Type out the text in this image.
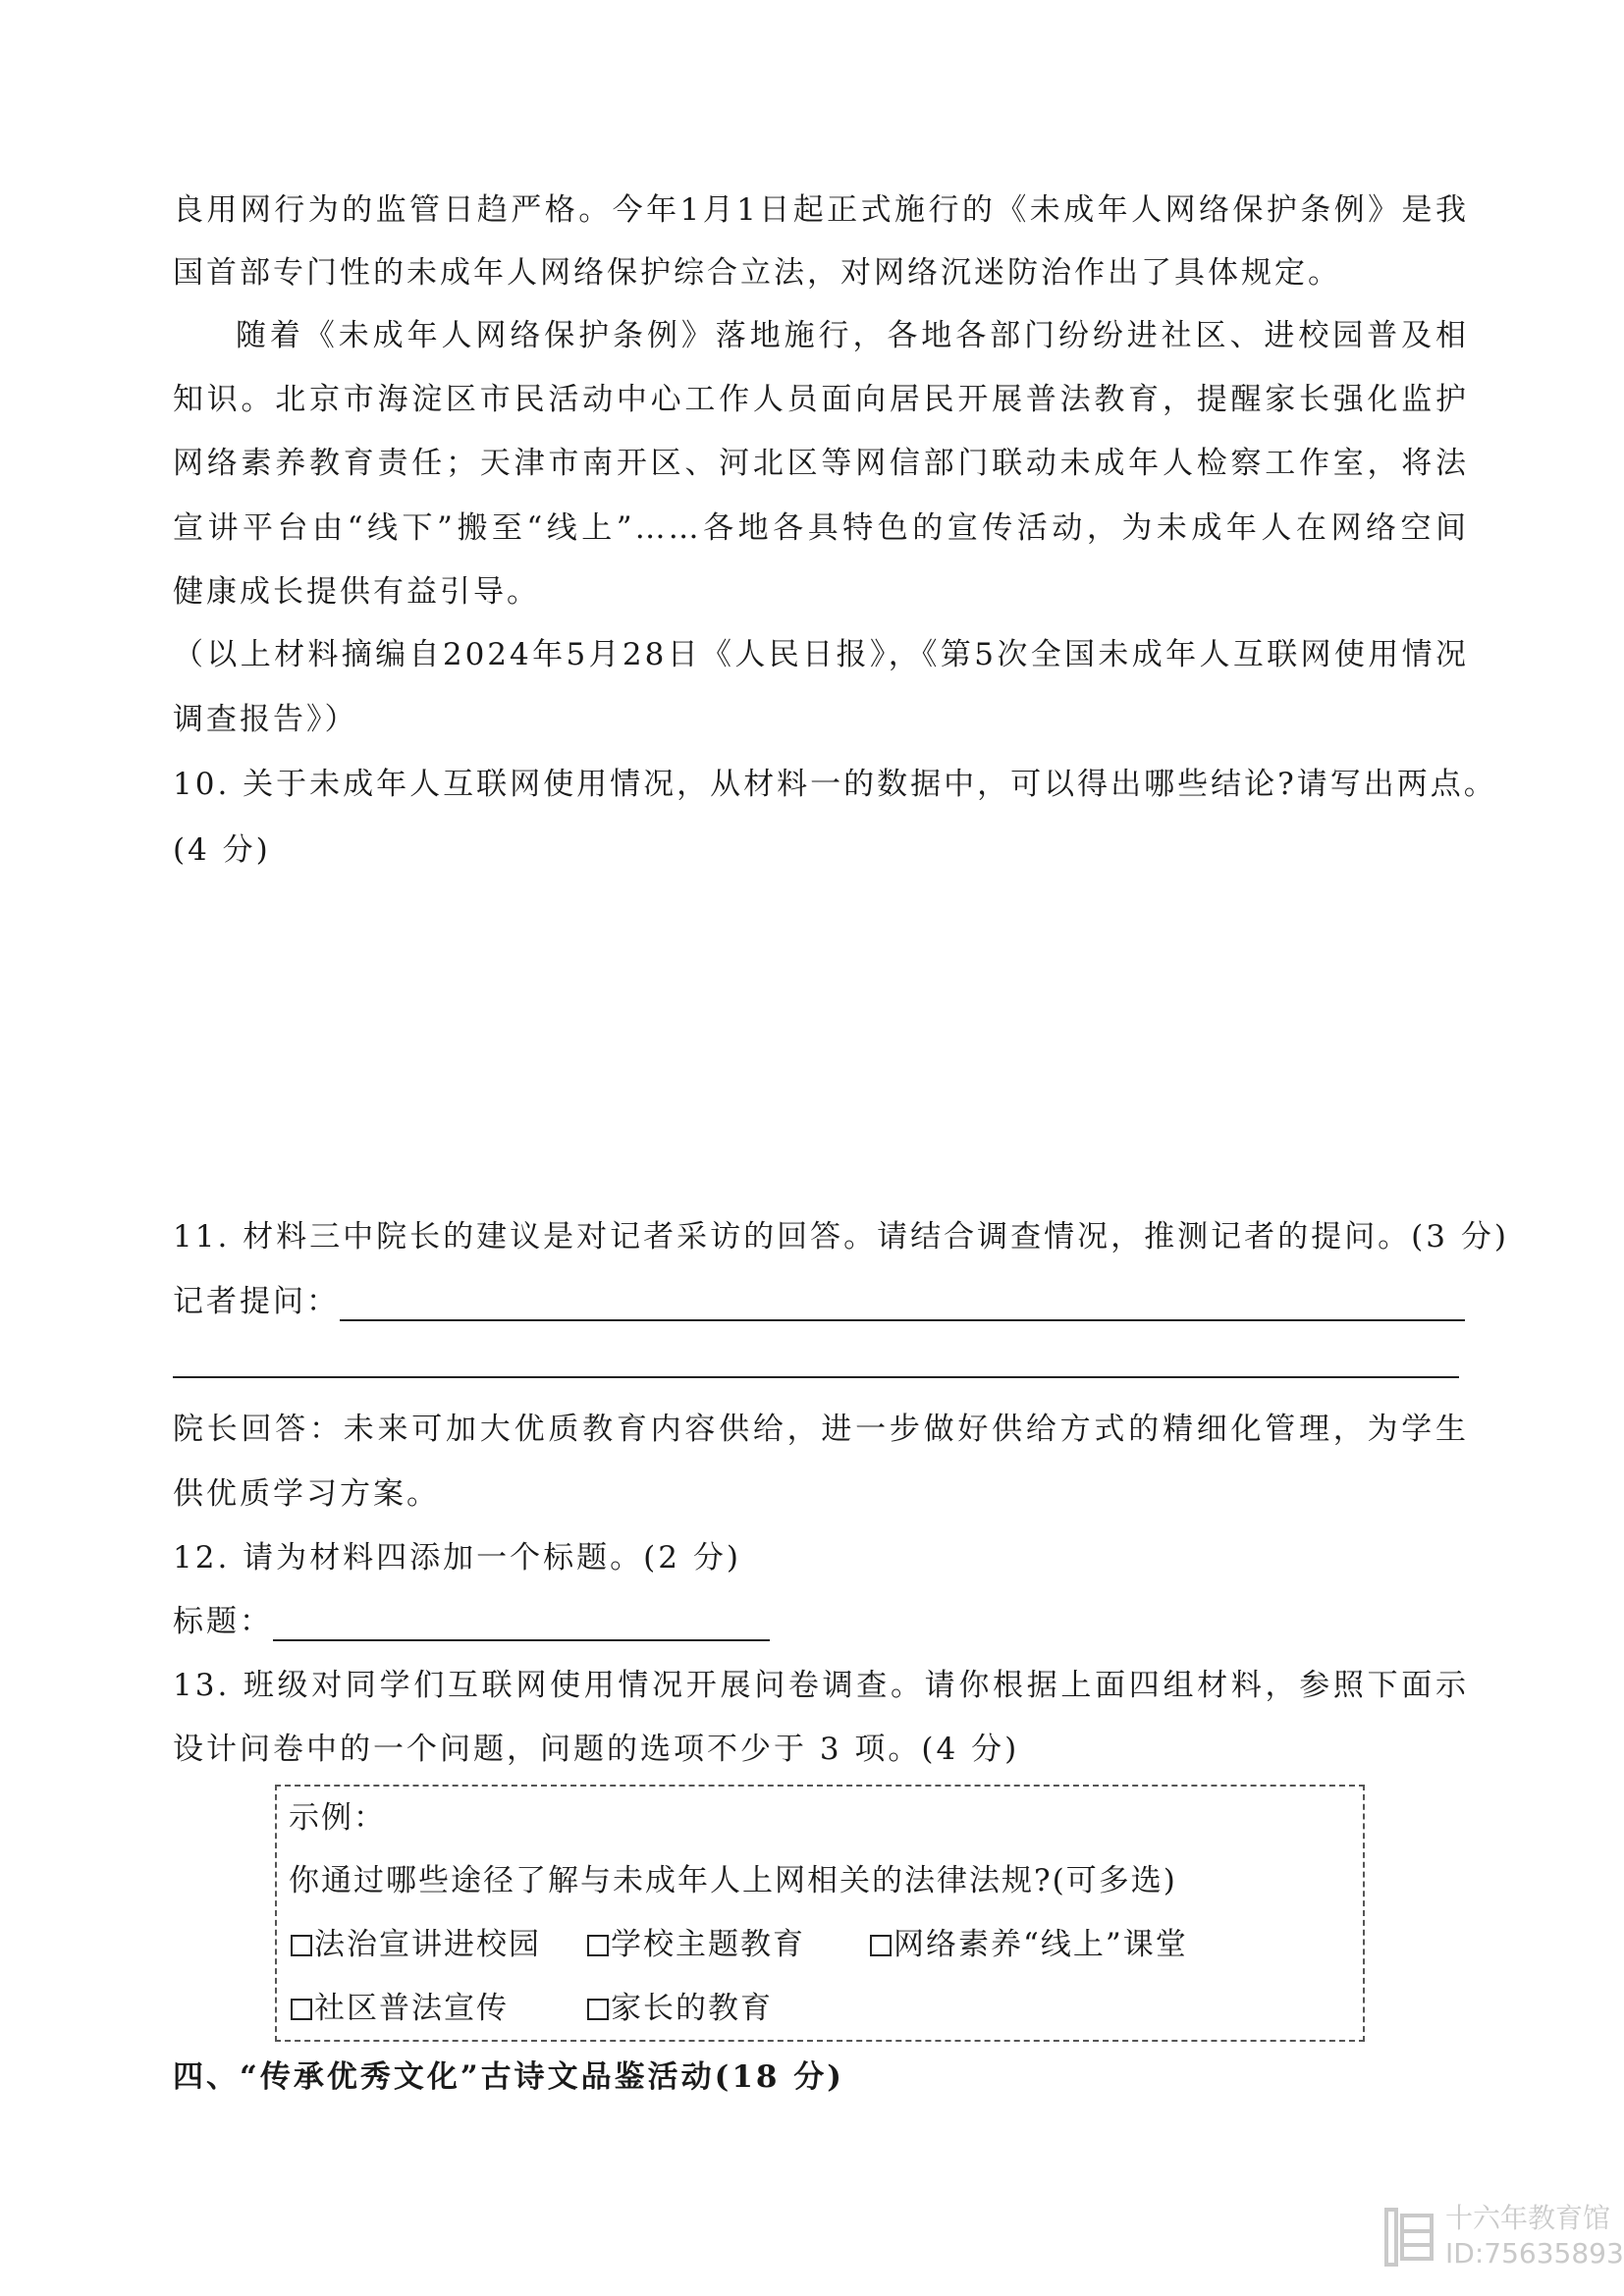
良用网行为的监管日趋严格。今年1月1日起正式施行的《未成年人网络保护条例》是我
国首部专门性的未成年人网络保护综合立法，对网络沉迷防治作出了具体规定。
随着《未成年人网络保护条例》落地施行，各地各部门纷纷进社区、进校园普及相
知识。北京市海淀区市民活动中心工作人员面向居民开展普法教育，提醒家长强化监护
网络素养教育责任；天津市南开区、河北区等网信部门联动未成年人检察工作室，将法
宣讲平台由“线下”搬至“线上”……各地各具特色的宣传活动，为未成年人在网络空间
健康成长提供有益引导。
（以上材料摘编自2024年5月28日《人民日报》，《第5次全国未成年人互联网使用情况
调查报告》）
10. 关于未成年人互联网使用情况，从材料一的数据中，可以得出哪些结论?请写出两点。
(4 分)
11. 材料三中院长的建议是对记者采访的回答。请结合调查情况，推测记者的提问。(3 分)
记者提问：
院长回答：未来可加大优质教育内容供给，进一步做好供给方式的精细化管理，为学生
供优质学习方案。
12. 请为材料四添加一个标题。(2 分)
标题：
13. 班级对同学们互联网使用情况开展问卷调查。请你根据上面四组材料，参照下面示
设计问卷中的一个问题，问题的选项不少于 3 项。(4 分)
示例：
你通过哪些途径了解与未成年人上网相关的法律法规?(可多选)
法治宣讲进校园	学校主题教育	网络素养“线上”课堂
社区普法宣传	家长的教育
四、“传承优秀文化”古诗文品鉴活动(18 分)
十六年教育馆
ID:75635893
